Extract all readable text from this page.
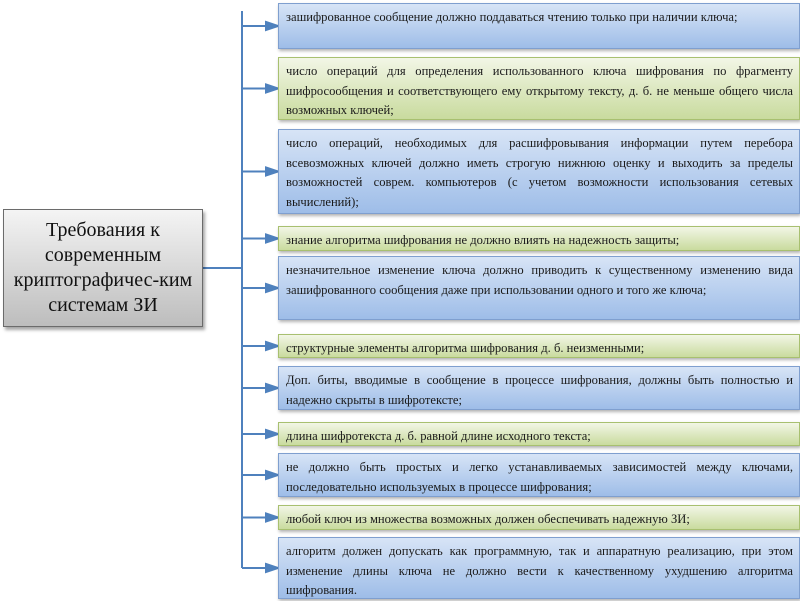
Требования к современным криптографичес-ким системам ЗИ
зашифрованное сообщение должно поддаваться чтению только при наличии ключа;
число операций для определения использованного ключа шифрования по фрагменту шифросообщения и соответствующего ему открытому тексту, д. б. не меньше общего числа возможных ключей;
число операций, необходимых для расшифровывания информации путем перебора всевозможных ключей должно иметь строгую нижнюю оценку и выходить за пределы возможностей соврем. компьютеров (с учетом возможности использования сетевых вычислений);
знание алгоритма шифрования не должно влиять на надежность защиты;
незначительное изменение ключа должно приводить к существенному изменению вида зашифрованного сообщения даже при использовании одного и того же ключа;
структурные элементы алгоритма шифрования д. б. неизменными;
Доп. биты, вводимые в сообщение в процессе шифрования, должны быть полностью и надежно скрыты в шифротексте;
длина шифротекста д. б. равной длине исходного текста;
не должно быть простых и легко устанавливаемых зависимостей между ключами, последовательно используемых в процессе шифрования;
любой ключ из множества возможных должен обеспечивать надежную ЗИ;
алгоритм должен допускать как программную, так и аппаратную реализацию, при этом изменение длины ключа не должно вести к качественному ухудшению алгоритма шифрования.
